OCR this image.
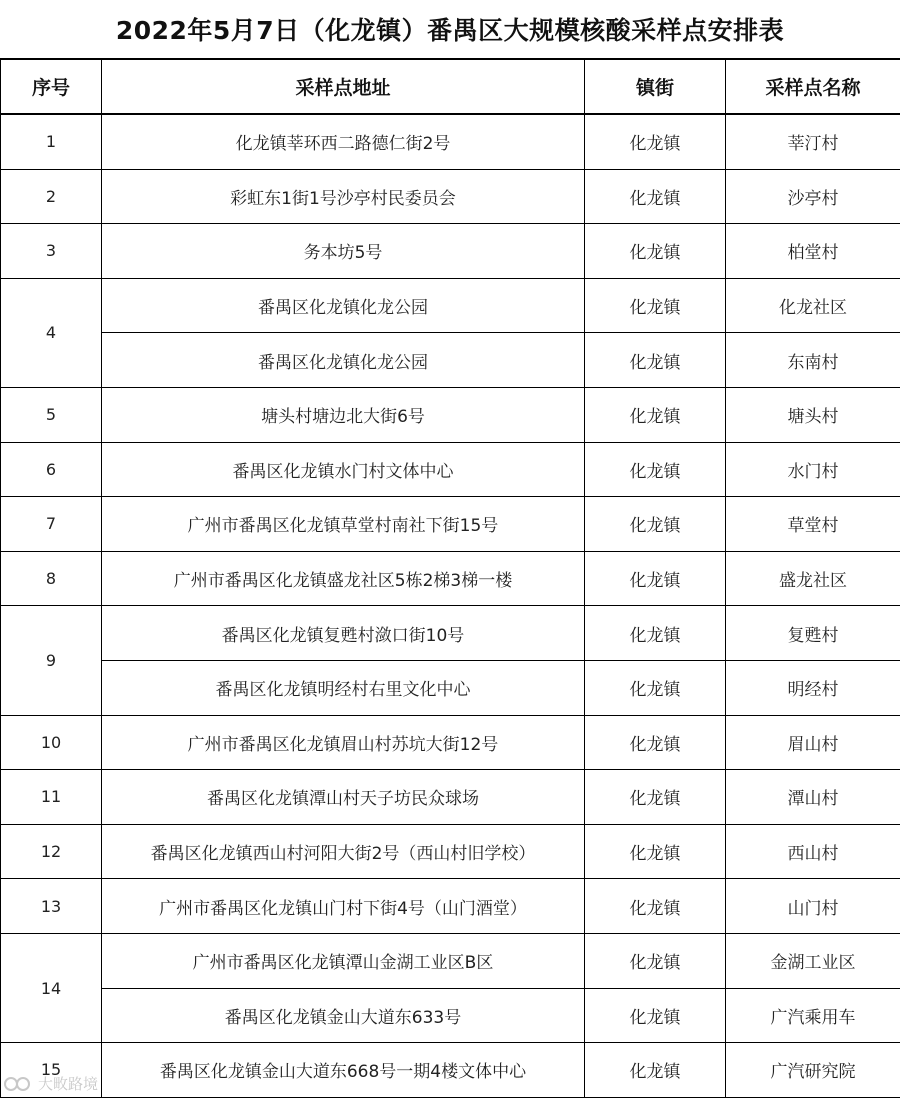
2022年5月7日（化龙镇）番禺区大规模核酸采样点安排表
序号	采样点地址	镇街	采样点名称
1	化龙镇莘环西二路德仁街2号	化龙镇	莘汀村
2	彩虹东1街1号沙亭村民委员会	化龙镇	沙亭村
3	务本坊5号	化龙镇	柏堂村
4	番禺区化龙镇化龙公园	化龙镇	化龙社区
	番禺区化龙镇化龙公园	化龙镇	东南村
5	塘头村塘边北大街6号	化龙镇	塘头村
6	番禺区化龙镇水门村文体中心	化龙镇	水门村
7	广州市番禺区化龙镇草堂村南社下街15号	化龙镇	草堂村
8	广州市番禺区化龙镇盛龙社区5栋2梯3梯一楼	化龙镇	盛龙社区
9	番禺区化龙镇复甦村潋口街10号	化龙镇	复甦村
	番禺区化龙镇明经村右里文化中心	化龙镇	明经村
10	广州市番禺区化龙镇眉山村苏坑大街12号	化龙镇	眉山村
11	番禺区化龙镇潭山村天子坊民众球场	化龙镇	潭山村
12	番禺区化龙镇西山村河阳大街2号（西山村旧学校）	化龙镇	西山村
13	广州市番禺区化龙镇山门村下街4号（山门酒堂）	化龙镇	山门村
14	广州市番禺区化龙镇潭山金湖工业区B区	化龙镇	金湖工业区
	番禺区化龙镇金山大道东633号	化龙镇	广汽乘用车
15	番禺区化龙镇金山大道东668号一期4楼文体中心	化龙镇	广汽研究院
大畋路境
